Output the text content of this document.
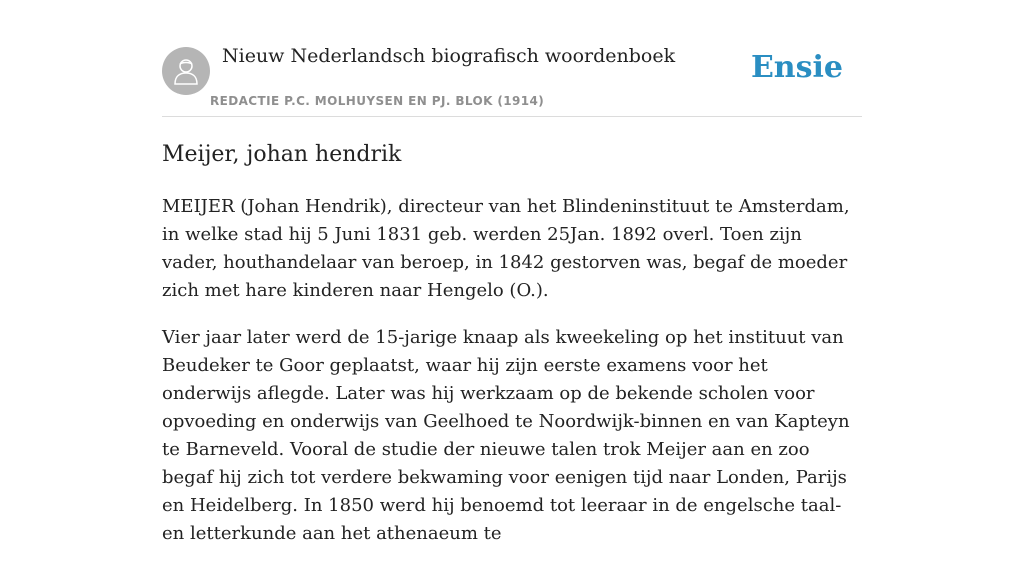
Nieuw Nederlandsch biografisch woordenboek
REDACTIE P.C. MOLHUYSEN EN PJ. BLOK (1914)
Ensie
Meijer, johan hendrik

MEIJER (Johan Hendrik), directeur van het Blindeninstituut te Amsterdam, in welke stad hij 5 Juni 1831 geb. werden 25Jan. 1892 overl. Toen zijn vader, houthandelaar van beroep, in 1842 gestorven was, begaf de moeder zich met hare kinderen naar Hengelo (O.).

Vier jaar later werd de 15-jarige knaap als kweekeling op het instituut van Beudeker te Goor geplaatst, waar hij zijn eerste examens voor het onderwijs aflegde. Later was hij werkzaam op de bekende scholen voor opvoeding en onderwijs van Geelhoed te Noordwijk-binnen en van Kapteyn te Barneveld. Vooral de studie der nieuwe talen trok Meijer aan en zoo begaf hij zich tot verdere bekwaming voor eenigen tijd naar Londen, Parijs en Heidelberg. In 1850 werd hij benoemd tot leeraar in de engelsche taal- en letterkunde aan het athenaeum te
